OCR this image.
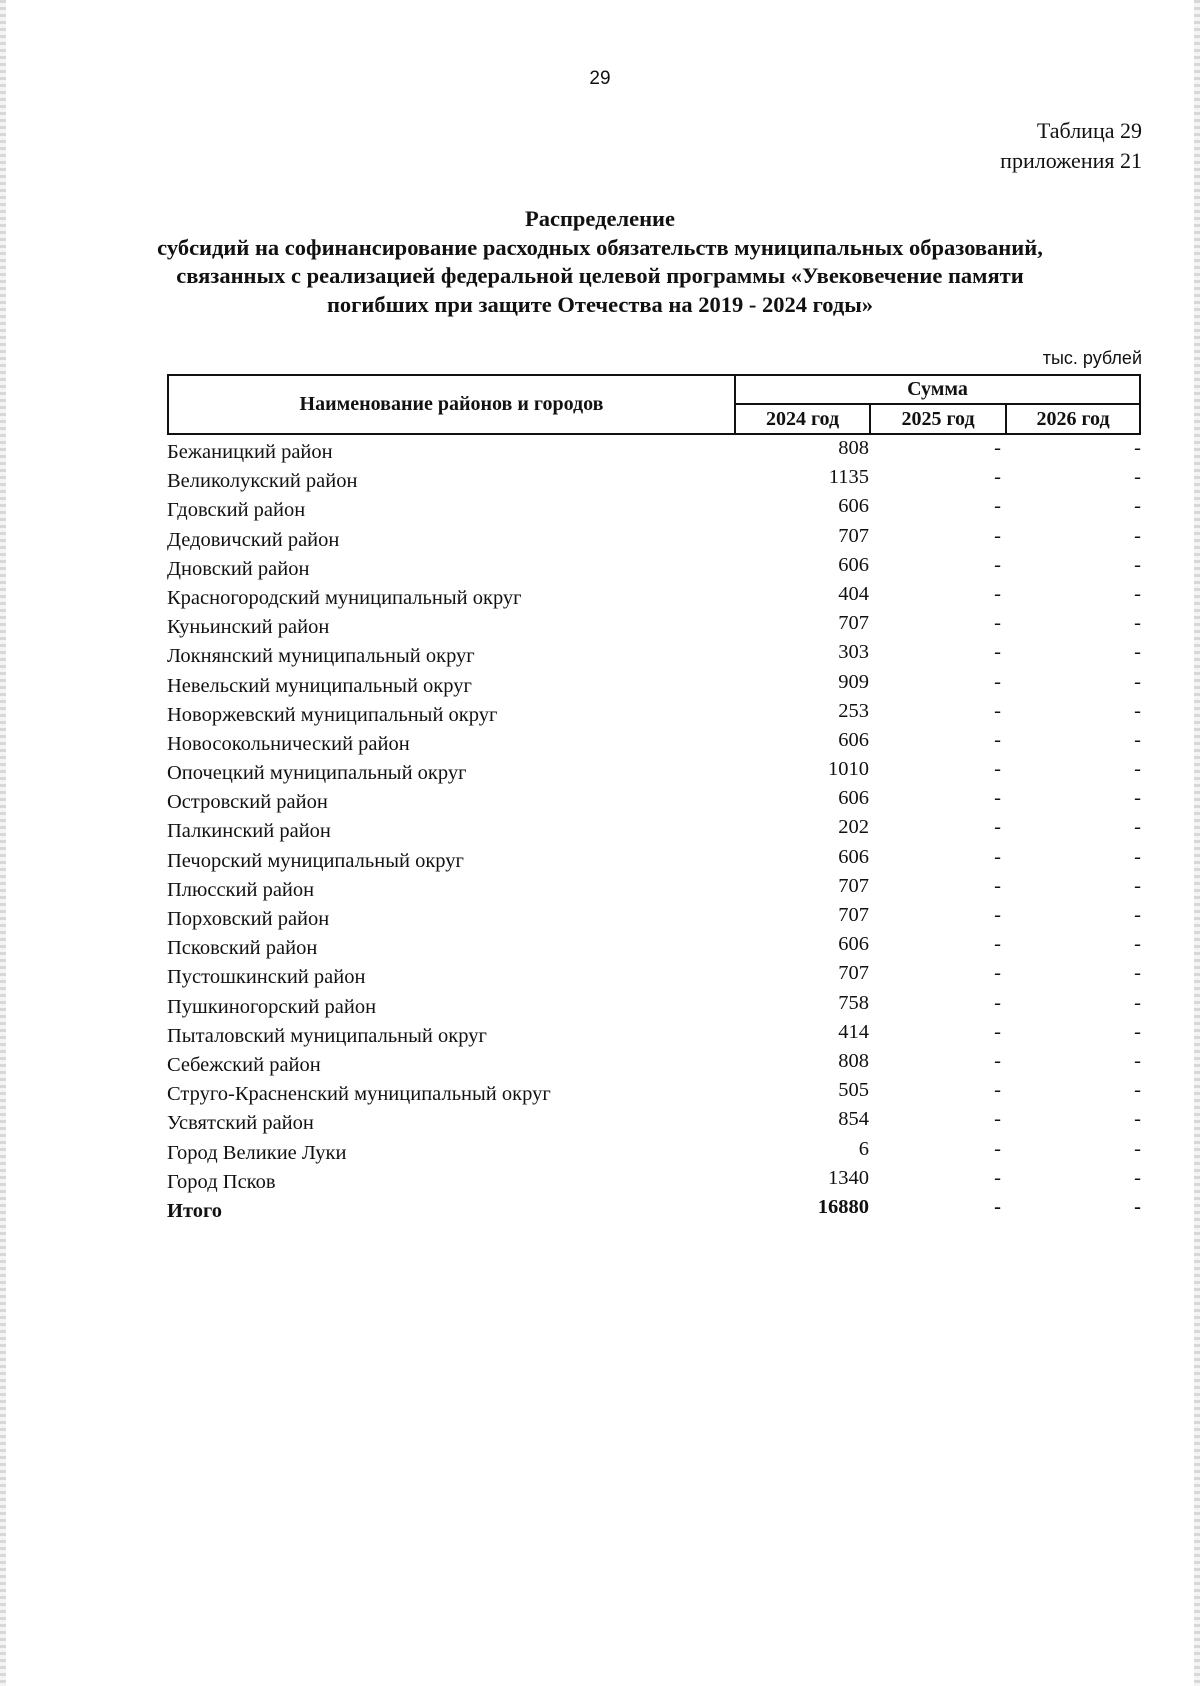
29
Таблица 29
приложения 21
Распределение
субсидий на софинансирование расходных обязательств муниципальных образований,
связанных с реализацией федеральной целевой программы «Увековечение памяти
погибших при защите Отечества на 2019 - 2024 годы»
тыс. рублей
Наименование районов и городов
Сумма
2024 год	2025 год	2026 год
Бежаницкий район	808	-	-
Великолукский район	1135	-	-
Гдовский район	606	-	-
Дедовичский район	707	-	-
Дновский район	606	-	-
Красногородский муниципальный округ	404	-	-
Куньинский район	707	-	-
Локнянский муниципальный округ	303	-	-
Невельский муниципальный округ	909	-	-
Новоржевский муниципальный округ	253	-	-
Новосокольнический район	606	-	-
Опочецкий муниципальный округ	1010	-	-
Островский район	606	-	-
Палкинский район	202	-	-
Печорский муниципальный округ	606	-	-
Плюсский район	707	-	-
Порховский район	707	-	-
Псковский район	606	-	-
Пустошкинский район	707	-	-
Пушкиногорский район	758	-	-
Пыталовский муниципальный округ	414	-	-
Себежский район	808	-	-
Струго-Красненский муниципальный округ	505	-	-
Усвятский район	854	-	-
Город Великие Луки	6	-	-
Город Псков	1340	-	-
Итого	16880	-	-
